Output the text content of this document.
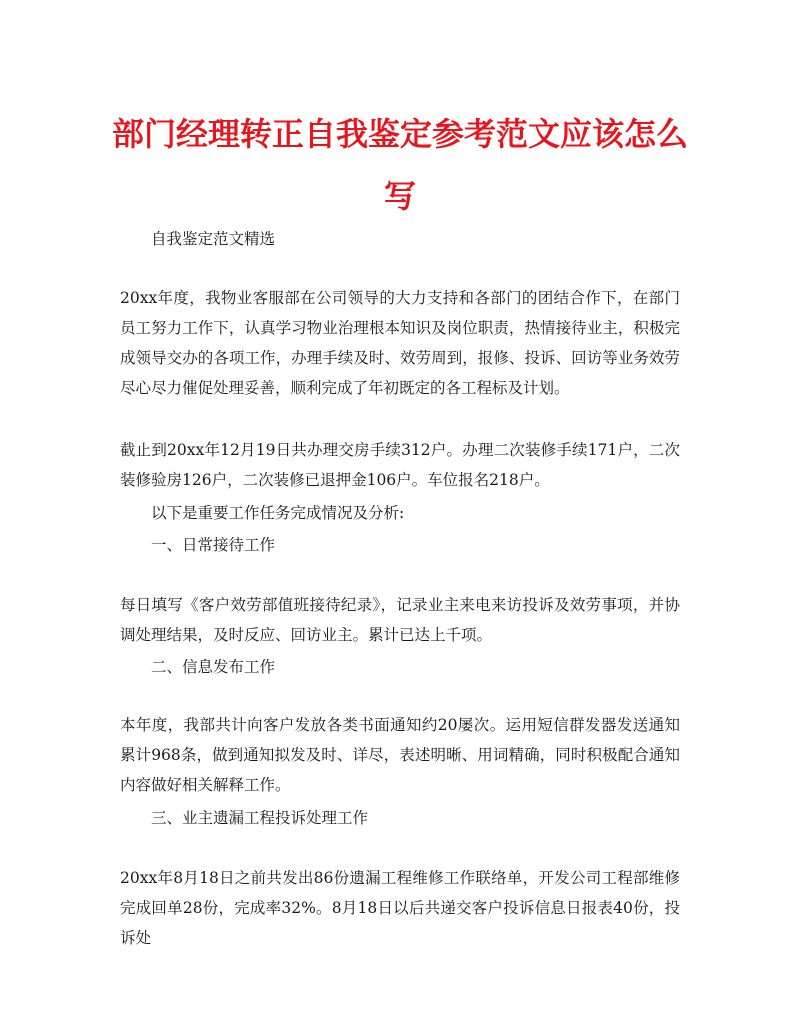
部门经理转正自我鉴定参考范文应该怎么
写

自我鉴定范文精选

20xx年度，我物业客服部在公司领导的大力支持和各部门的团结合作下，在部门员工努力工作下，认真学习物业治理根本知识及岗位职责，热情接待业主，积极完成领导交办的各项工作，办理手续及时、效劳周到，报修、投诉、回访等业务效劳尽心尽力催促处理妥善，顺利完成了年初既定的各工程标及计划。

截止到20xx年12月19日共办理交房手续312户。办理二次装修手续171户，二次装修验房126户，二次装修已退押金106户。车位报名218户。

以下是重要工作任务完成情况及分析:

一、日常接待工作

每日填写《客户效劳部值班接待纪录》，记录业主来电来访投诉及效劳事项，并协调处理结果，及时反应、回访业主。累计已达上千项。

二、信息发布工作

本年度，我部共计向客户发放各类书面通知约20屡次。运用短信群发器发送通知累计968条，做到通知拟发及时、详尽，表述明晰、用词精确，同时积极配合通知内容做好相关解释工作。

三、业主遗漏工程投诉处理工作

20xx年8月18日之前共发出86份遗漏工程维修工作联络单，开发公司工程部维修完成回单28份，完成率32%。8月18日以后共递交客户投诉信息日报表40份，投诉处
